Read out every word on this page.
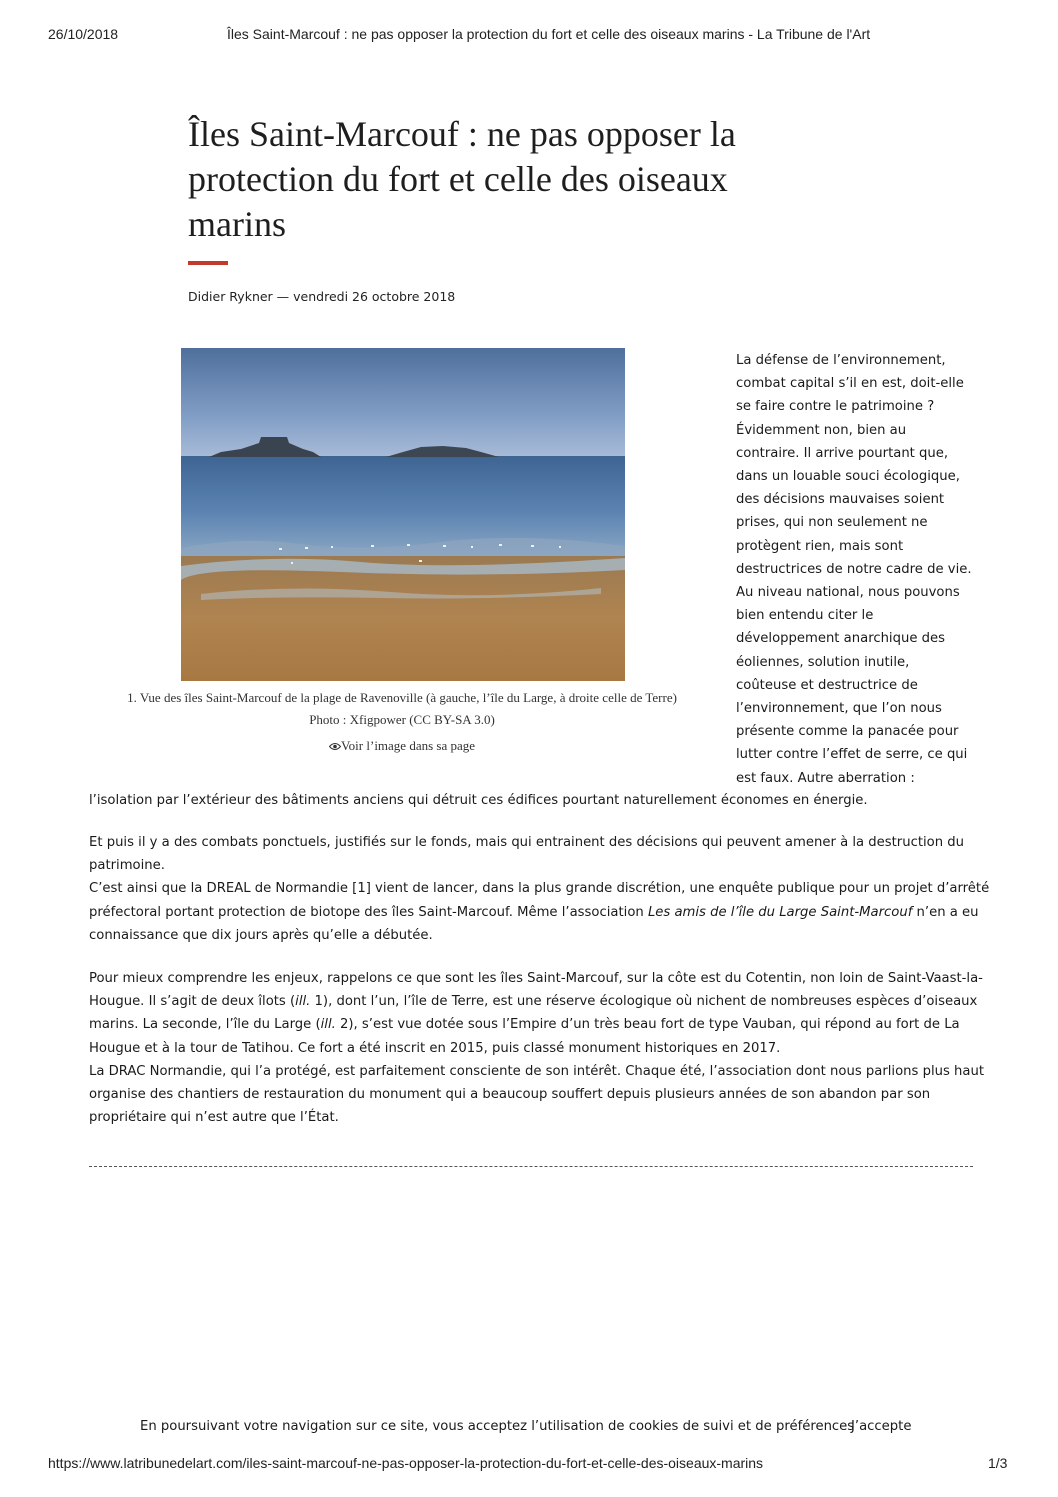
26/10/2018	Îles Saint-Marcouf : ne pas opposer la protection du fort et celle des oiseaux marins - La Tribune de l'Art
Îles Saint-Marcouf : ne pas opposer la
protection du fort et celle des oiseaux
marins
Didier Rykner — vendredi 26 octobre 2018
1. Vue des îles Saint-Marcouf de la plage de Ravenoville (à gauche, l’île du Large, à droite celle de Terre)
Photo : Xfigpower (CC BY-SA 3.0)
Voir l’image dans sa page
La défense de l’environnement,
combat capital s’il en est, doit-elle
se faire contre le patrimoine ?
Évidemment non, bien au
contraire. Il arrive pourtant que,
dans un louable souci écologique,
des décisions mauvaises soient
prises, qui non seulement ne
protègent rien, mais sont
destructrices de notre cadre de vie.
Au niveau national, nous pouvons
bien entendu citer le
développement anarchique des
éoliennes, solution inutile,
coûteuse et destructrice de
l’environnement, que l’on nous
présente comme la panacée pour
lutter contre l’effet de serre, ce qui
est faux. Autre aberration :
l’isolation par l’extérieur des bâtiments anciens qui détruit ces édifices pourtant naturellement économes en énergie.
Et puis il y a des combats ponctuels, justifiés sur le fonds, mais qui entrainent des décisions qui peuvent amener à la destruction du
patrimoine.
C’est ainsi que la DREAL de Normandie [1] vient de lancer, dans la plus grande discrétion, une enquête publique pour un projet d’arrêté
préfectoral portant protection de biotope des îles Saint-Marcouf. Même l’association Les amis de l’île du Large Saint-Marcouf n’en a eu
connaissance que dix jours après qu’elle a débutée.
Pour mieux comprendre les enjeux, rappelons ce que sont les îles Saint-Marcouf, sur la côte est du Cotentin, non loin de Saint-Vaast-la-
Hougue. Il s’agit de deux îlots (ill. 1), dont l’un, l’île de Terre, est une réserve écologique où nichent de nombreuses espèces d’oiseaux
marins. La seconde, l’île du Large (ill. 2), s’est vue dotée sous l’Empire d’un très beau fort de type Vauban, qui répond au fort de La
Hougue et à la tour de Tatihou. Ce fort a été inscrit en 2015, puis classé monument historiques en 2017.
La DRAC Normandie, qui l’a protégé, est parfaitement consciente de son intérêt. Chaque été, l’association dont nous parlions plus haut
organise des chantiers de restauration du monument qui a beaucoup souffert depuis plusieurs années de son abandon par son
propriétaire qui n’est autre que l’État.
En poursuivant votre navigation sur ce site, vous acceptez l’utilisation de cookies de suivi et de préférences
J’accepte
https://www.latribunedelart.com/iles-saint-marcouf-ne-pas-opposer-la-protection-du-fort-et-celle-des-oiseaux-marins	1/3
